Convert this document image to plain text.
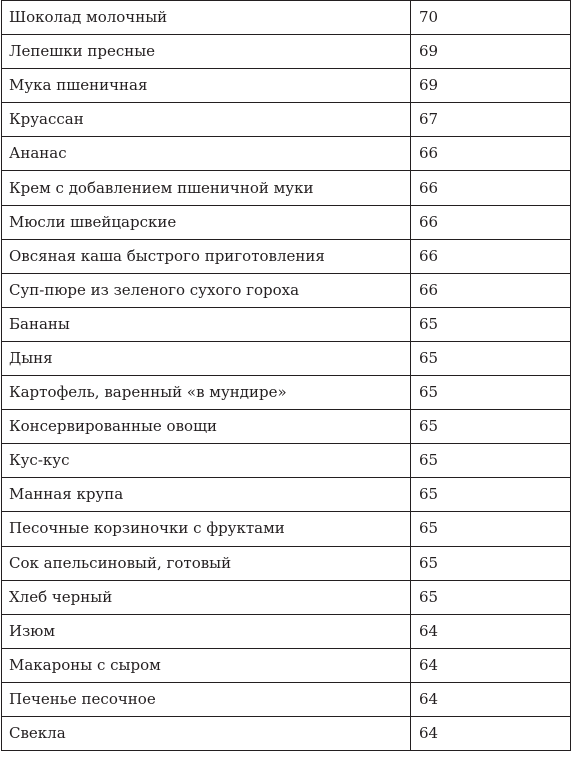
Шоколад молочный	70
Лепешки пресные	69
Мука пшеничная	69
Круассан	67
Ананас	66
Крем с добавлением пшеничной муки	66
Мюсли швейцарские	66
Овсяная каша быстрого приготовления	66
Суп-пюре из зеленого сухого гороха	66
Бананы	65
Дыня	65
Картофель, варенный «в мундире»	65
Консервированные овощи	65
Кус-кус	65
Манная крупа	65
Песочные корзиночки с фруктами	65
Сок апельсиновый, готовый	65
Хлеб черный	65
Изюм	64
Макароны с сыром	64
Печенье песочное	64
Свекла	64
